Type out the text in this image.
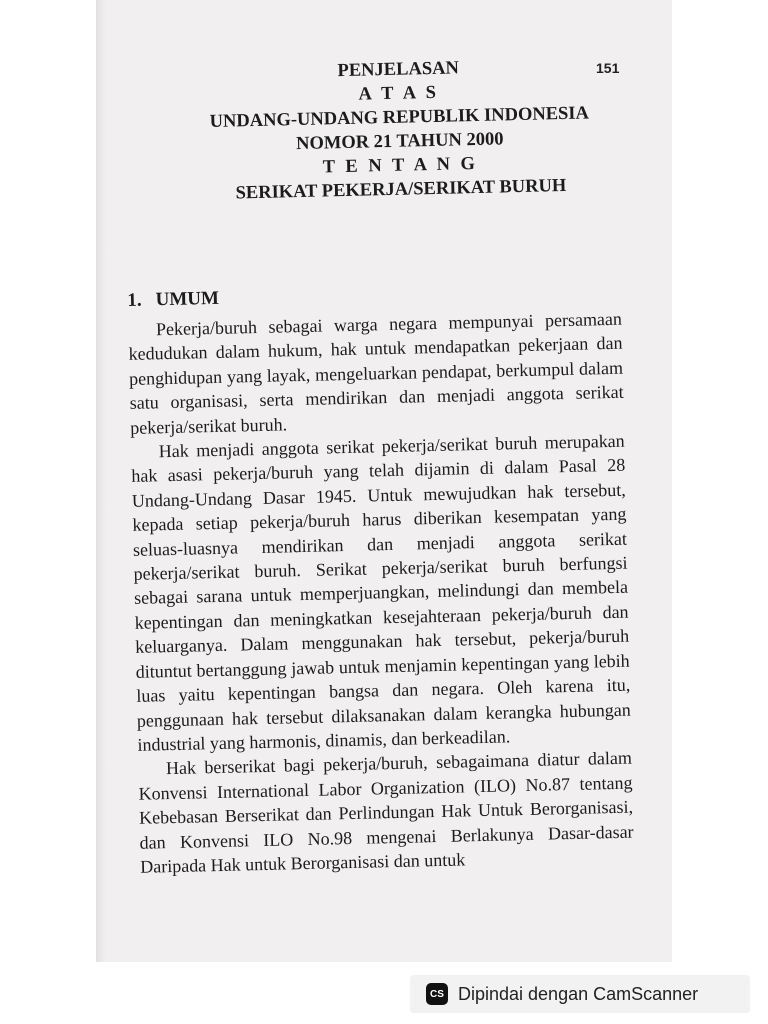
151
PENJELASAN
A T A S
UNDANG-UNDANG REPUBLIK INDONESIA
NOMOR 21 TAHUN 2000
T E N T A N G
SERIKAT PEKERJA/SERIKAT BURUH
1. UMUM

Pekerja/buruh sebagai warga negara mempunyai persamaan kedudukan dalam hukum, hak untuk mendapatkan pekerjaan dan penghidupan yang layak, mengeluarkan pendapat, berkumpul dalam satu organisasi, serta mendirikan dan menjadi anggota serikat pekerja/serikat buruh.

Hak menjadi anggota serikat pekerja/serikat buruh merupakan hak asasi pekerja/buruh yang telah dijamin di dalam Pasal 28 Undang-Undang Dasar 1945. Untuk mewujudkan hak tersebut, kepada setiap pekerja/buruh harus diberikan kesempatan yang seluas-luasnya mendirikan dan menjadi anggota serikat pekerja/serikat buruh. Serikat pekerja/serikat buruh berfungsi sebagai sarana untuk memperjuangkan, melindungi dan membela kepentingan dan meningkatkan kesejahteraan pekerja/buruh dan keluarganya. Dalam menggunakan hak tersebut, pekerja/buruh dituntut bertanggung jawab untuk menjamin kepentingan yang lebih luas yaitu kepentingan bangsa dan negara. Oleh karena itu, penggunaan hak tersebut dilaksanakan dalam kerangka hubungan industrial yang harmonis, dinamis, dan berkeadilan.

Hak berserikat bagi pekerja/buruh, sebagaimana diatur dalam Konvensi International Labor Organization (ILO) No.87 tentang Kebebasan Berserikat dan Perlindungan Hak Untuk Berorganisasi, dan Konvensi ILO No.98 mengenai Berlakunya Dasar-dasar Daripada Hak untuk Berorganisasi dan untuk

CS Dipindai dengan CamScanner
